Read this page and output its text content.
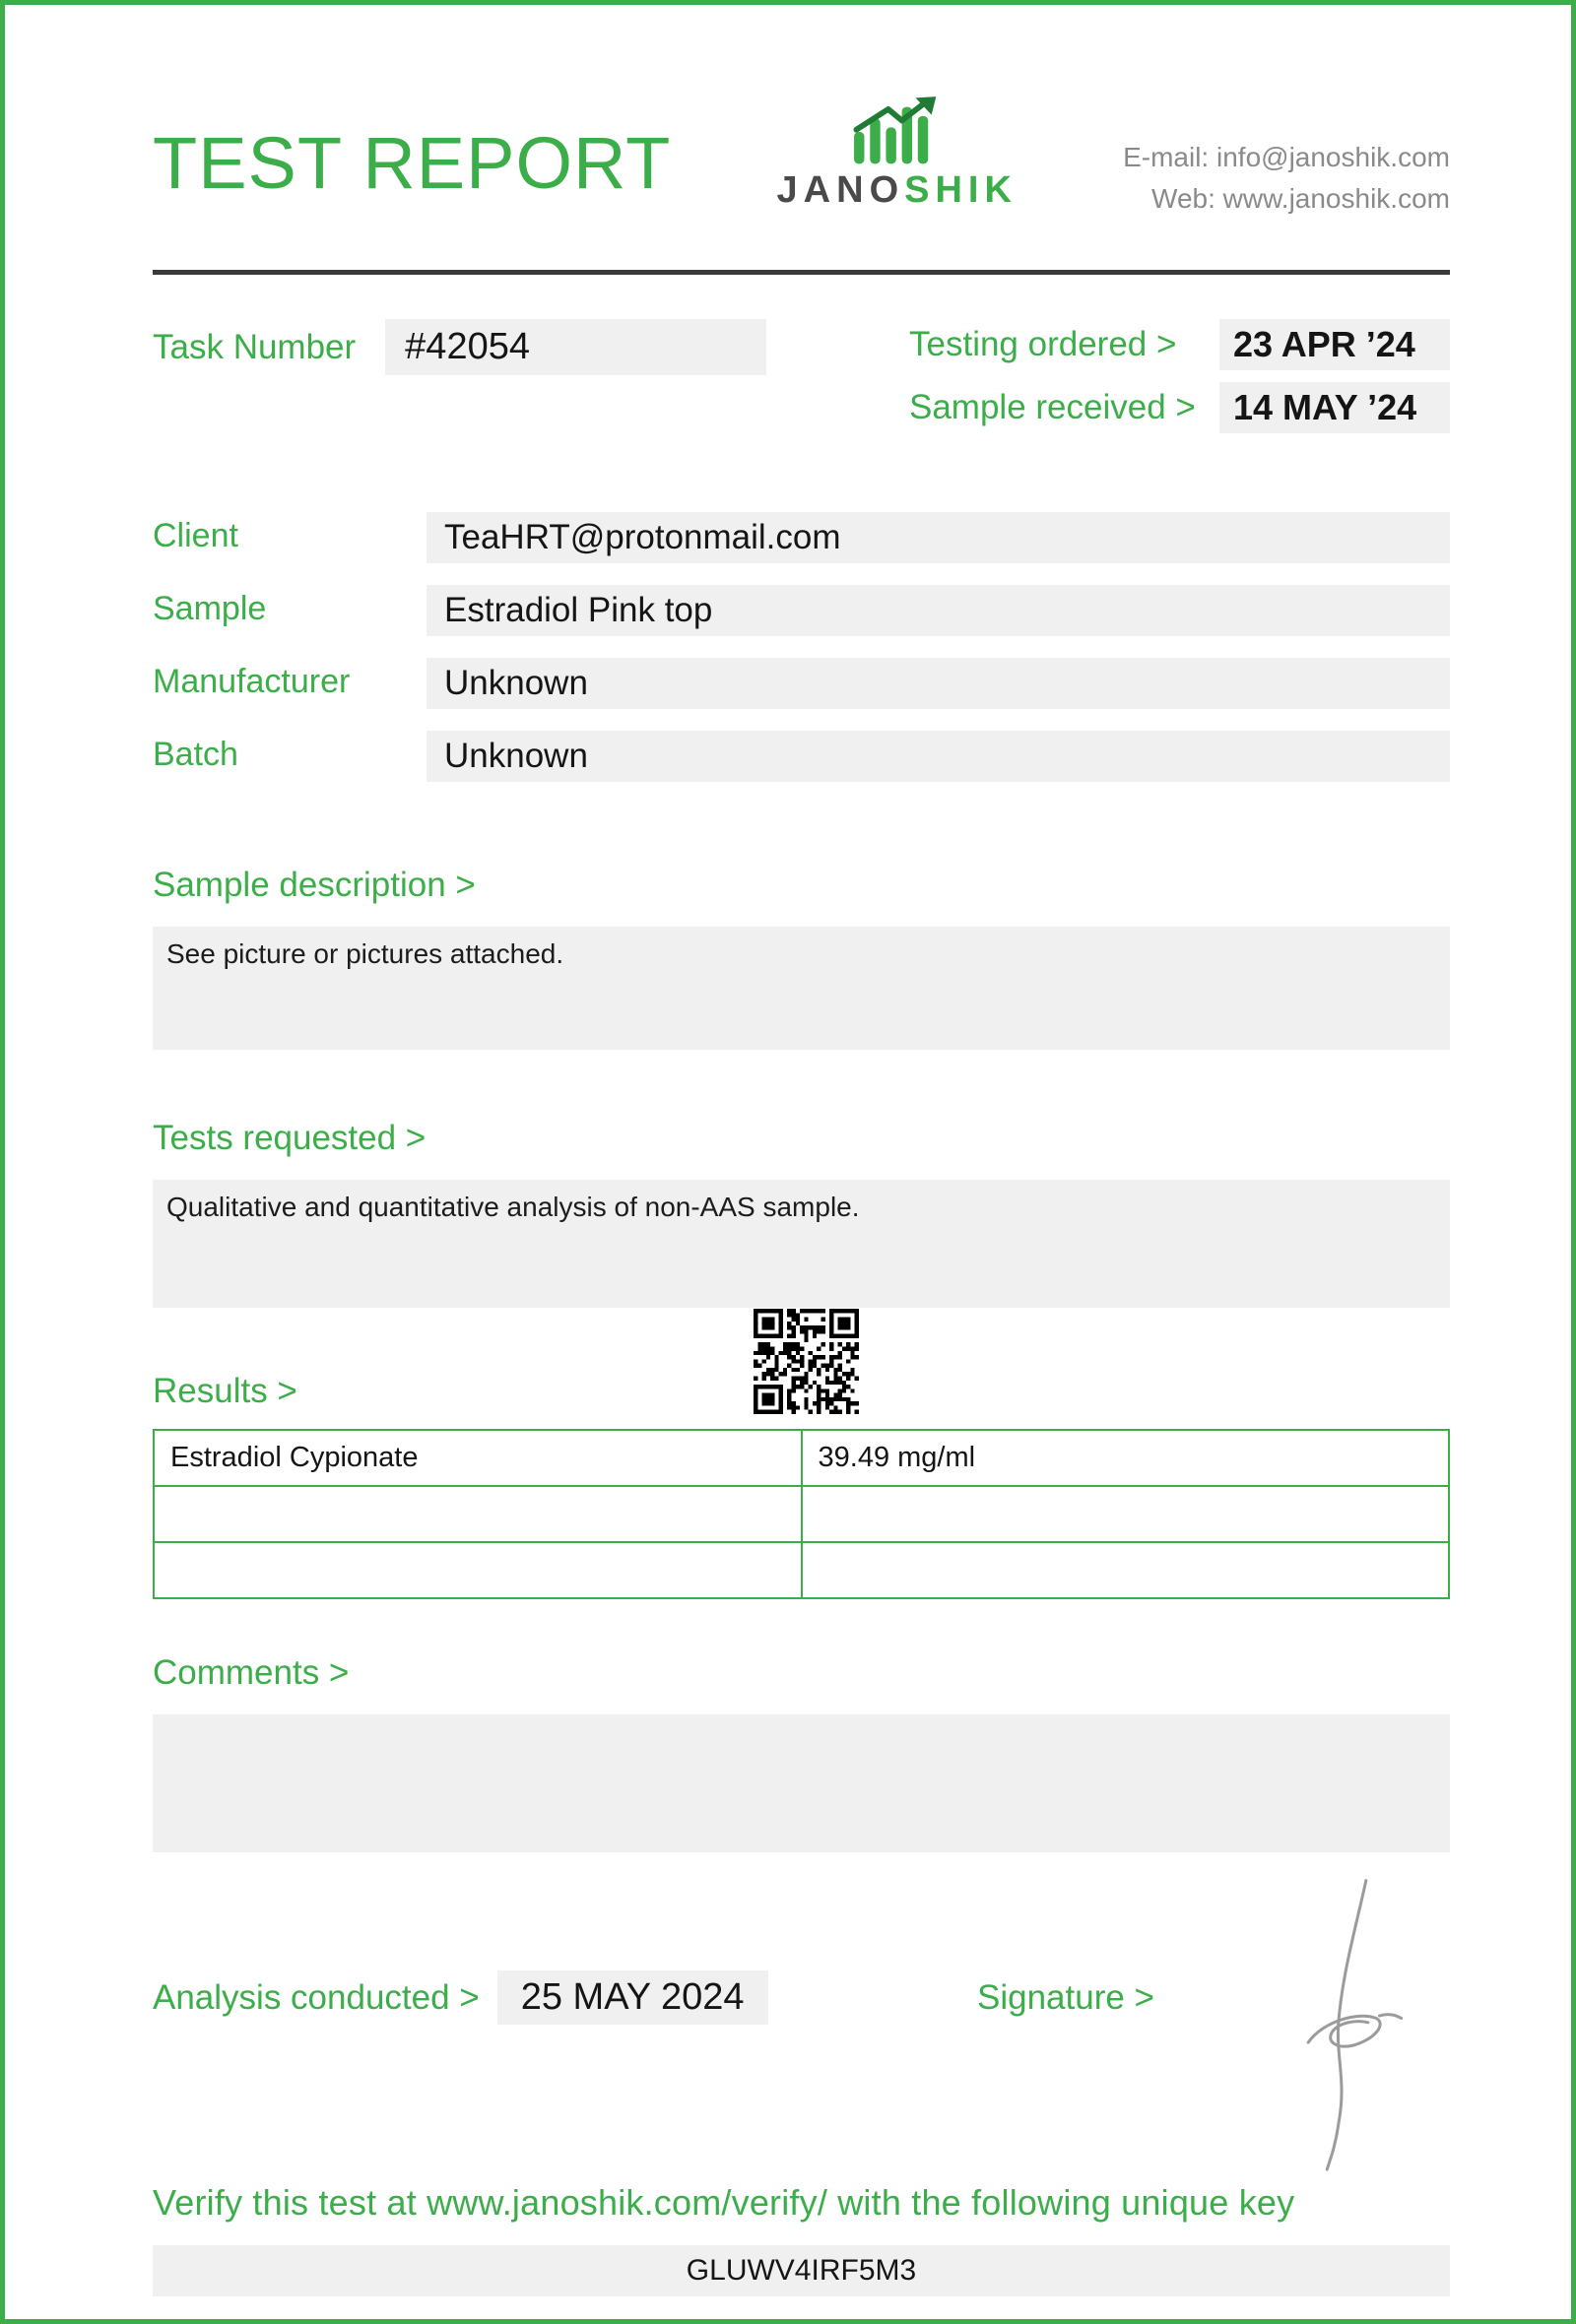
TEST REPORT	JANOSHIK
E-mail: info@janoshik.com
Web: www.janoshik.com
Task Number	#42054	Testing ordered >	23 APR ’24
Sample received >	14 MAY ’24
Client	TeaHRT@protonmail.com
Sample	Estradiol Pink top
Manufacturer	Unknown
Batch	Unknown
Sample description >
See picture or pictures attached.
Tests requested >
Qualitative and quantitative analysis of non-AAS sample.
Results >
Estradiol Cypionate	39.49 mg/ml

Comments >
Analysis conducted >	25 MAY 2024	Signature >
Verify this test at www.janoshik.com/verify/ with the following unique key
GLUWV4IRF5M3
